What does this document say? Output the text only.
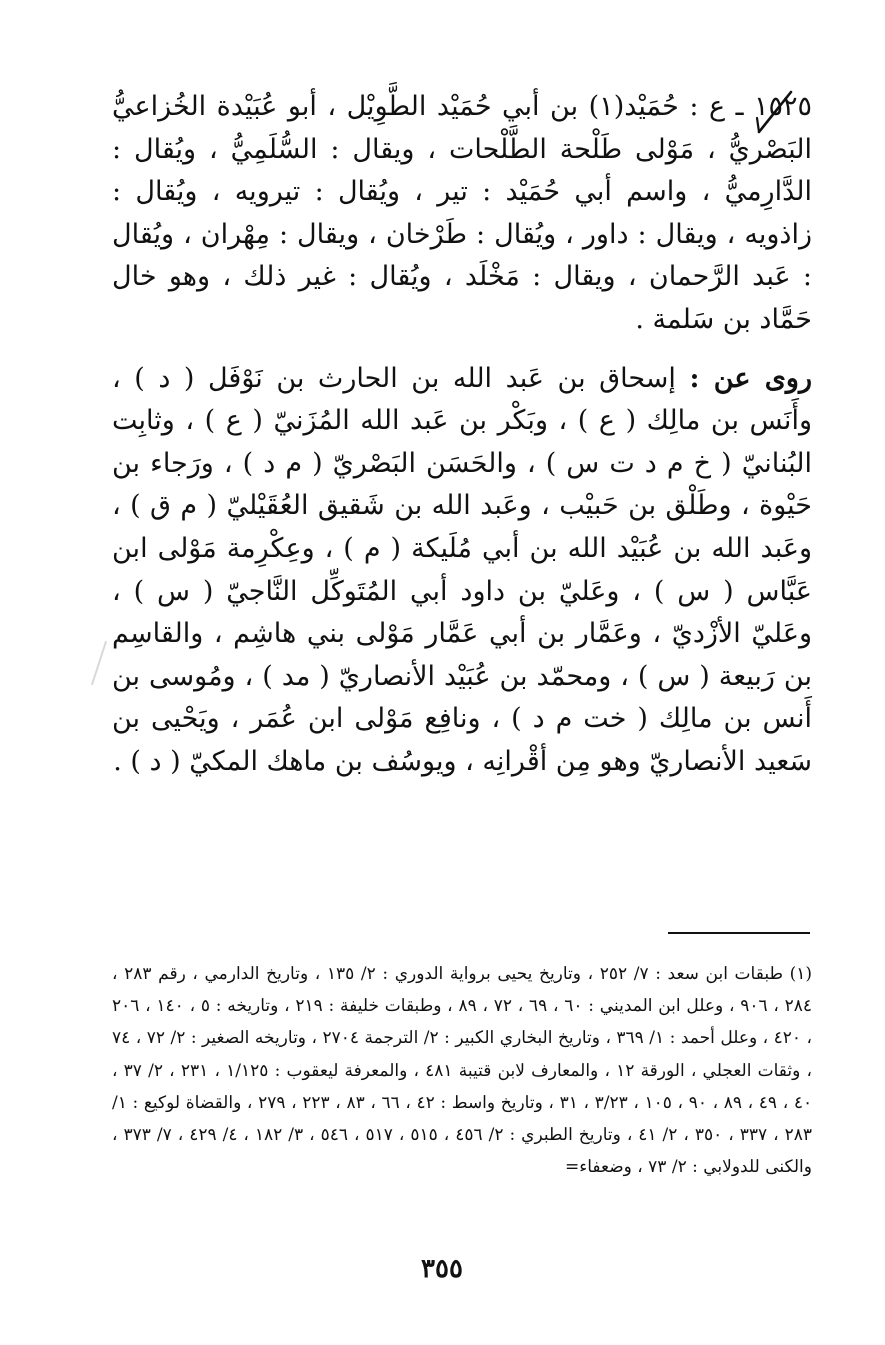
١٥٢٥ ـ ع : حُمَيْد(١) بن أبي حُمَيْد الطَّوِيْل ، أبو عُبَيْدة الخُزاعيُّ البَصْريُّ ، مَوْلى طَلْحة الطَّلْحات ، ويقال : السُّلَمِيُّ ، ويُقال : الدَّارِميُّ ، واسم أبي حُمَيْد : تير ، ويُقال : تيرويه ، ويُقال : زاذويه ، ويقال : داور ، ويُقال : طَرْخان ، ويقال : مِهْران ، ويُقال : عَبد الرَّحمان ، ويقال : مَخْلَد ، ويُقال : غير ذلك ، وهو خال حَمَّاد بن سَلمة .

روى عن : إسحاق بن عَبد الله بن الحارث بن نَوْفَل ( د ) ، وأَنَس بن مالِك ( ع ) ، وبَكْر بن عَبد الله المُزَنيّ ( ع ) ، وثابِت البُنانيّ ( خ م د ت س ) ، والحَسَن البَصْريّ ( م د ) ، ورَجاء بن حَيْوة ، وطَلْق بن حَبيْب ، وعَبد الله بن شَقيق العُقَيْليّ ( م ق ) ، وعَبد الله بن عُبَيْد الله بن أبي مُلَيكة ( م ) ، وعِكْرِمة مَوْلى ابن عَبَّاس ( س ) ، وعَليّ بن داود أبي المُتَوكِّل النَّاجيّ ( س ) ، وعَليّ الأزْديّ ، وعَمَّار بن أبي عَمَّار مَوْلى بني هاشِم ، والقاسِم بن رَبيعة ( س ) ، ومحمّد بن عُبَيْد الأنصاريّ ( مد ) ، ومُوسى بن أَنس بن مالِك ( خت م د ) ، ونافِع مَوْلى ابن عُمَر ، ويَحْيى بن سَعيد الأنصاريّ وهو مِن أقْرانِه ، ويوسُف بن ماهك المكيّ ( د ) .

(١) طبقات ابن سعد : ٧/ ٢٥٢ ، وتاريخ يحيى برواية الدوري : ٢/ ١٣٥ ، وتاريخ الدارمي ، رقم ٢٨٣ ، ٢٨٤ ، ٩٠٦ ، وعلل ابن المديني : ٦٠ ، ٦٩ ، ٧٢ ، ٨٩ ، وطبقات خليفة : ٢١٩ ، وتاريخه : ٥ ، ١٤٠ ، ٢٠٦ ، ٤٢٠ ، وعلل أحمد : ١/ ٣٦٩ ، وتاريخ البخاري الكبير : ٢/ الترجمة ٢٧٠٤ ، وتاريخه الصغير : ٢/ ٧٢ ، ٧٤ ، وثقات العجلي ، الورقة ١٢ ، والمعارف لابن قتيبة ٤٨١ ، والمعرفة ليعقوب : ١/١٢٥ ، ٢٣١ ، ٢/ ٣٧ ، ٤٠ ، ٤٩ ، ٨٩ ، ٩٠ ، ١٠٥ ، ٣/٢٣ ، ٣١ ، وتاريخ واسط : ٤٢ ، ٦٦ ، ٨٣ ، ٢٢٣ ، ٢٧٩ ، والقضاة لوكيع : ١/ ٢٨٣ ، ٣٣٧ ، ٣٥٠ ، ٢/ ٤١ ، وتاريخ الطبري : ٢/ ٤٥٦ ، ٥١٥ ، ٥١٧ ، ٥٤٦ ، ٣/ ١٨٢ ، ٤/ ٤٢٩ ، ٧/ ٣٧٣ ، والكنى للدولابي : ٢/ ٧٣ ، وضعفاء=

٣٥٥
